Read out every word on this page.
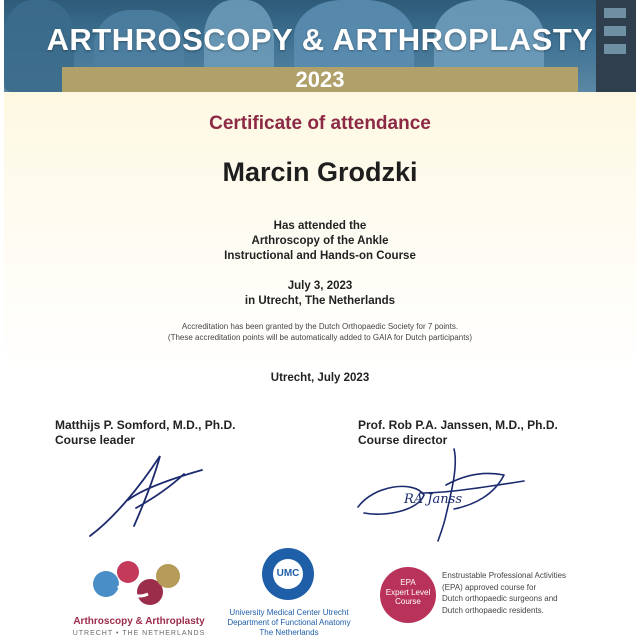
ARTHROSCOPY & ARTHROPLASTY
2023
Certificate of attendance
Marcin Grodzki
Has attended the
Arthroscopy of the Ankle
Instructional and Hands-on Course
July 3, 2023
in Utrecht, The Netherlands
Accreditation has been granted by the Dutch Orthopaedic Society for 7 points.
(These accreditation points will be automatically added to GAIA for Dutch participants)
Utrecht, July 2023
Matthijs P. Somford, M.D., Ph.D.
Course leader
Prof. Rob P.A. Janssen, M.D., Ph.D.
Course director
RA Janss
Arthroscopy & Arthroplasty
UTRECHT • THE NETHERLANDS
UMC
University Medical Center Utrecht
Department of Functional Anatomy
The Netherlands
EPA
Expert Level
Course
Enstrustable Professional Activities
(EPA) approved course for
Dutch orthopaedic surgeons and
Dutch orthopaedic residents.
